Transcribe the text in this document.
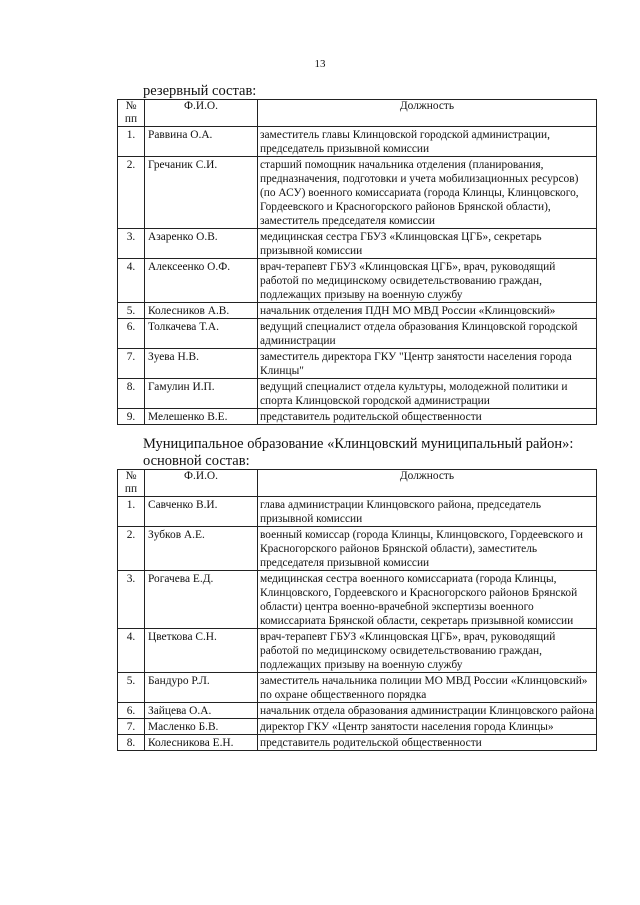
13
резервный состав:
№ пп	Ф.И.О.	Должность
1.	Раввина О.А.	заместитель главы Клинцовской городской администрации, председатель призывной комиссии
2.	Гречаник С.И.	старший помощник начальника отделения (планирования, предназначения, подготовки и учета мобилизационных ресурсов) (по АСУ) военного комиссариата (города Клинцы, Клинцовского, Гордеевского и Красногорского районов Брянской области), заместитель председателя комиссии
3.	Азаренко О.В.	медицинская сестра ГБУЗ «Клинцовская ЦГБ», секретарь призывной комиссии
4.	Алексеенко О.Ф.	врач-терапевт ГБУЗ «Клинцовская ЦГБ», врач, руководящий работой по медицинскому освидетельствованию граждан, подлежащих призыву на военную службу
5.	Колесников А.В.	начальник отделения ПДН МО МВД России «Клинцовский»
6.	Толкачева Т.А.	ведущий специалист отдела образования Клинцовской городской администрации
7.	Зуева Н.В.	заместитель директора ГКУ "Центр занятости населения города Клинцы"
8.	Гамулин И.П.	ведущий специалист отдела культуры, молодежной политики и спорта Клинцовской городской администрации
9.	Мелешенко В.Е.	представитель родительской общественности
Муниципальное образование «Клинцовский муниципальный район»: основной состав:
№ пп	Ф.И.О.	Должность
1.	Савченко В.И.	глава администрации Клинцовского района, председатель призывной комиссии
2.	Зубков А.Е.	военный комиссар (города Клинцы, Клинцовского, Гордеевского и Красногорского районов Брянской области), заместитель председателя призывной комиссии
3.	Рогачева Е.Д.	медицинская сестра военного комиссариата (города Клинцы, Клинцовского, Гордеевского и Красногорского районов Брянской области) центра военно-врачебной экспертизы военного комиссариата Брянской области, секретарь призывной комиссии
4.	Цветкова С.Н.	врач-терапевт ГБУЗ «Клинцовская ЦГБ», врач, руководящий работой по медицинскому освидетельствованию граждан, подлежащих призыву на военную службу
5.	Бандуро Р.Л.	заместитель начальника полиции МО МВД России «Клинцовский» по охране общественного порядка
6.	Зайцева О.А.	начальник отдела образования администрации Клинцовского района
7.	Масленко Б.В.	директор ГКУ «Центр занятости населения города Клинцы»
8.	Колесникова Е.Н.	представитель родительской общественности
